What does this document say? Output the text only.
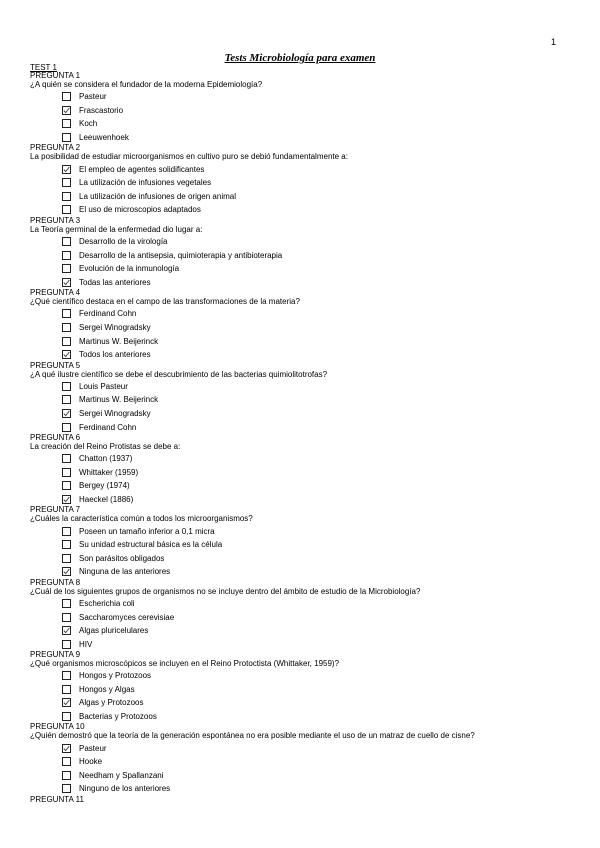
1
Tests Microbiología para examen
TEST 1
PREGUNTA 1
¿A quién se considera el fundador de la moderna Epidemiología?
Pasteur
Frascastorio
Koch
Leeuwenhoek
PREGUNTA 2
La posibilidad de estudiar microorganismos en cultivo puro se debió fundamentalmente a:
El empleo de agentes solidificantes
La utilización de infusiones vegetales
La utilización de infusiones de origen animal
El uso de microscopios adaptados
PREGUNTA 3
La Teoría germinal de la enfermedad dio lugar a:
Desarrollo de la virología
Desarrollo de la antisepsia, quimioterapia y antibioterapia
Evolución de la inmunología
Todas las anteriores
PREGUNTA 4
¿Qué científico destaca en el campo de las transformaciones de la materia?
Ferdinand Cohn
Sergei Winogradsky
Martinus W. Beijerinck
Todos los anteriores
PREGUNTA 5
¿A qué ilustre científico se debe el descubrimiento de las bacterias quimiolitotrofas?
Louis Pasteur
Martinus W. Beijerinck
Sergei Winogradsky
Ferdinand Cohn
PREGUNTA 6
La creación del Reino Protistas se debe a:
Chatton (1937)
Whittaker (1959)
Bergey (1974)
Haeckel (1886)
PREGUNTA 7
¿Cuáles la característica común a todos los microorganismos?
Poseen un tamaño inferior a 0,1 micra
Su unidad estructural básica es la célula
Son parásitos obligados
Ninguna de las anteriores
PREGUNTA 8
¿Cuál de los siguientes grupos de organismos no se incluye dentro del ámbito de estudio de la Microbiología?
Escherichia coli
Saccharomyces cerevisiae
Algas pluricelulares
HIV
PREGUNTA 9
¿Qué organismos microscópicos se incluyen en el Reino Protoctista (Whittaker, 1959)?
Hongos y Protozoos
Hongos y Algas
Algas y Protozoos
Bacterias y Protozoos
PREGUNTA 10
¿Quién demostró que la teoría de la generación espontánea no era posible mediante el uso de un matraz de cuello de cisne?
Pasteur
Hooke
Needham y Spallanzani
Ninguno de los anteriores
PREGUNTA 11
